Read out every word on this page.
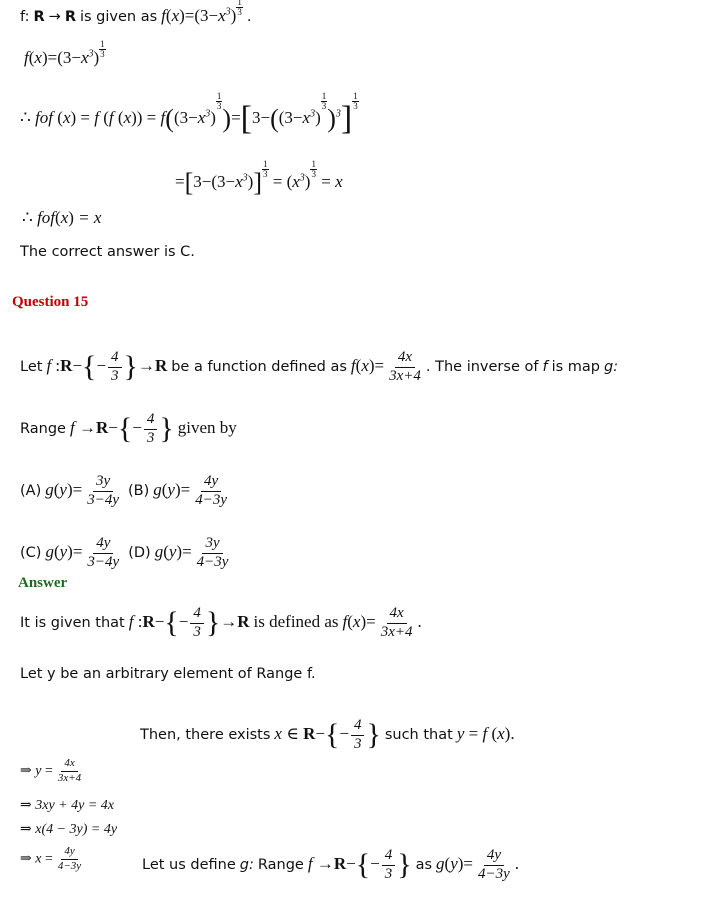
f: R → R is given as $f(x)=(3-x^3) \frac{1}{3}$ .
$f(x)=(3-x^3) \frac{1}{3}$
∴ fof (x) = f (f $(x)) = f((3-x^3)$
$\frac{1}{3}$
)$=[3-((3-x^3)$
$\frac{1}{3}$
)$^3] \frac{1}{3}$
$=[3-(3-x^3)] \frac{1}{3}$
= $(x^3)$
$\frac{1}{3}$
= x
∴ fof(x) = x
The correct answer is C.
Question 15
Let f :R−{− $\frac{4}{3} \}\to R$ be a function defined as $f(x)= \frac{4x}{3x+4}$ . The inverse of f is map g:
Range $f \to R-\{- \frac{4}{3}$ } given by
(A) $g(y)= \frac{3y}{3-4y} (B)$ $g(y)= \frac{4y}{4-3y}$
(C) $g(y)= \frac{4y}{3-4y} (D)$ $g(y)= \frac{3y}{4-3y}$
Answer
It is given that f :R−{− $\frac{4}{3} \}\to R$ is defined as $f(x)= \frac{4x}{3x+4}$ .
Let y be an arbitrary element of Range f.
Then, there exists x ∈ $R-\{- \frac{4}{3}$ } such that y = f (x).
⇒ $y = \frac{4x}{3x+4}$
⇒ 3xy + 4y = 4x
⇒ x(4 − 3y) = 4y
⇒ $x = \frac{4y}{4-3y}$	Let us define g: Range $f \to R-\{- \frac{4}{3}$ } as $g(y)= \frac{4y}{4-3y}$ .
